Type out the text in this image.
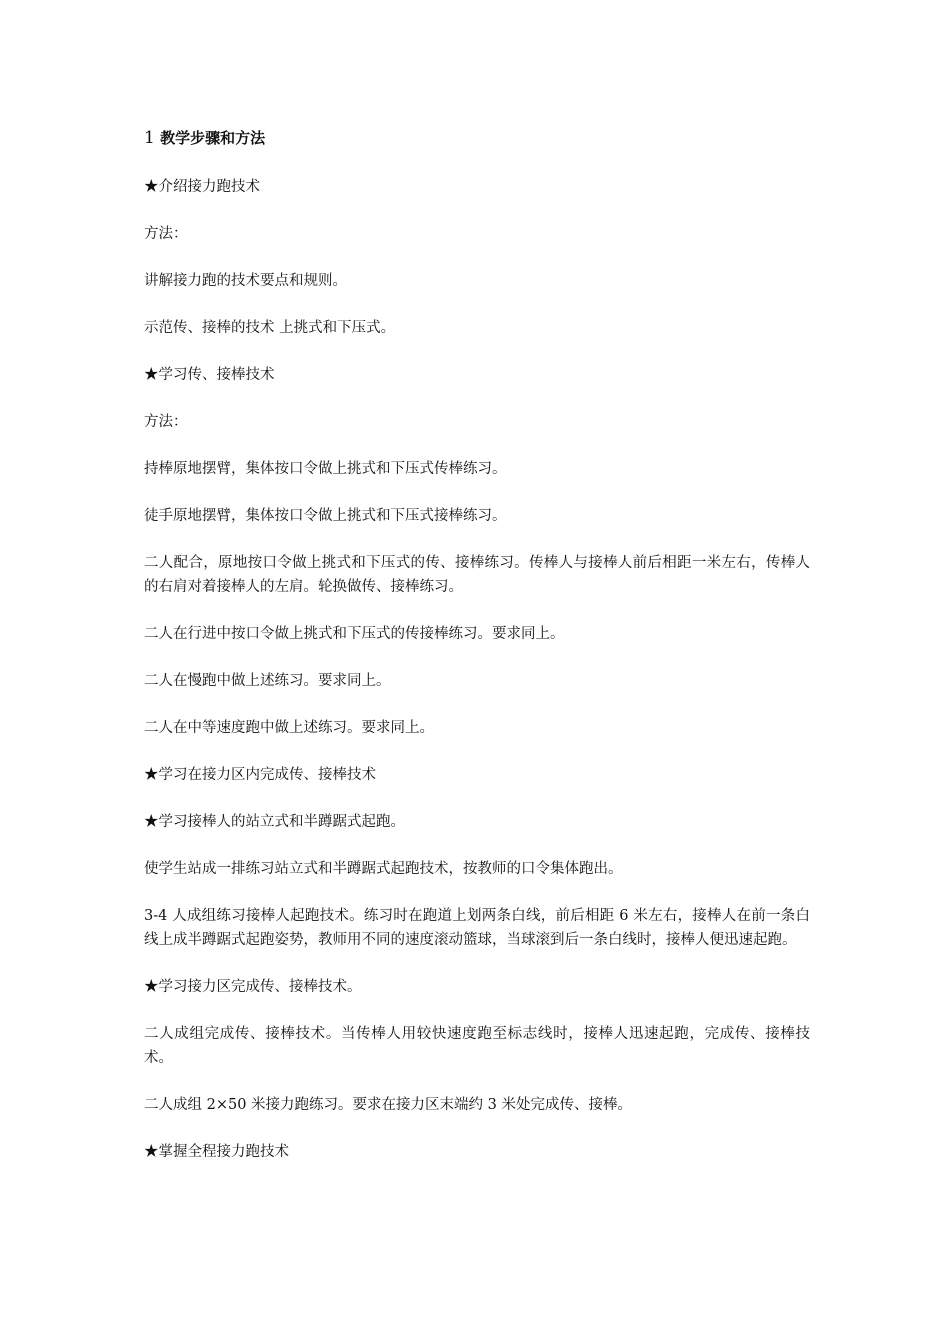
1 教学步骤和方法

★介绍接力跑技术

方法：

讲解接力跑的技术要点和规则。

示范传、接棒的技术 上挑式和下压式。

★学习传、接棒技术

方法：

持棒原地摆臂，集体按口令做上挑式和下压式传棒练习。

徒手原地摆臂，集体按口令做上挑式和下压式接棒练习。

二人配合，原地按口令做上挑式和下压式的传、接棒练习。传棒人与接棒人前后相距一米左右，传棒人的右肩对着接棒人的左肩。轮换做传、接棒练习。

二人在行进中按口令做上挑式和下压式的传接棒练习。要求同上。

二人在慢跑中做上述练习。要求同上。

二人在中等速度跑中做上述练习。要求同上。

★学习在接力区内完成传、接棒技术

★学习接棒人的站立式和半蹲踞式起跑。

使学生站成一排练习站立式和半蹲踞式起跑技术，按教师的口令集体跑出。

3-4 人成组练习接棒人起跑技术。练习时在跑道上划两条白线，前后相距 6 米左右，接棒人在前一条白线上成半蹲踞式起跑姿势，教师用不同的速度滚动篮球，当球滚到后一条白线时，接棒人便迅速起跑。

★学习接力区完成传、接棒技术。

二人成组完成传、接棒技术。当传棒人用较快速度跑至标志线时，接棒人迅速起跑，完成传、接棒技术。

二人成组 2×50 米接力跑练习。要求在接力区末端约 3 米处完成传、接棒。

★掌握全程接力跑技术
